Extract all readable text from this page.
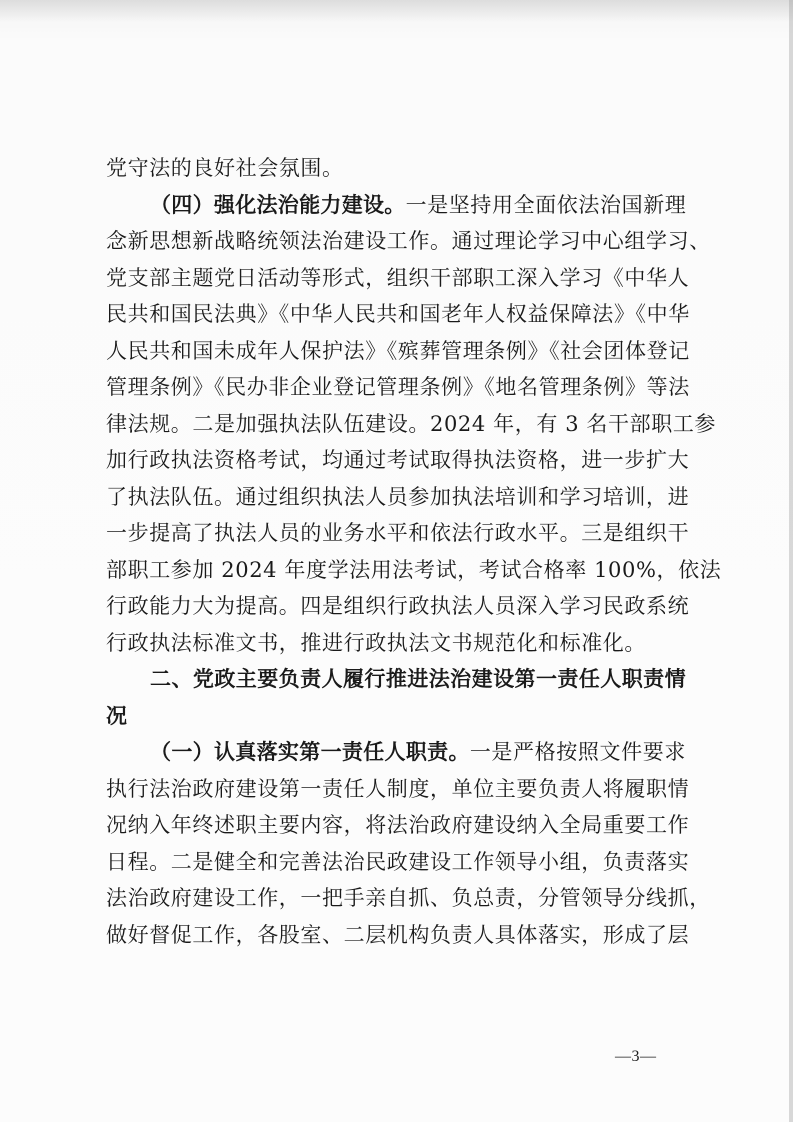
党守法的良好社会氛围。
（四）强化法治能力建设。一是坚持用全面依法治国新理
念新思想新战略统领法治建设工作。通过理论学习中心组学习、
党支部主题党日活动等形式，组织干部职工深入学习《中华人
民共和国民法典》《中华人民共和国老年人权益保障法》《中华
人民共和国未成年人保护法》《殡葬管理条例》《社会团体登记
管理条例》《民办非企业登记管理条例》《地名管理条例》等法
律法规。二是加强执法队伍建设。2024 年，有 3 名干部职工参
加行政执法资格考试，均通过考试取得执法资格，进一步扩大
了执法队伍。通过组织执法人员参加执法培训和学习培训，进
一步提高了执法人员的业务水平和依法行政水平。三是组织干
部职工参加 2024 年度学法用法考试，考试合格率 100%，依法
行政能力大为提高。四是组织行政执法人员深入学习民政系统
行政执法标准文书，推进行政执法文书规范化和标准化。
二、党政主要负责人履行推进法治建设第一责任人职责情
况
（一）认真落实第一责任人职责。一是严格按照文件要求
执行法治政府建设第一责任人制度，单位主要负责人将履职情
况纳入年终述职主要内容，将法治政府建设纳入全局重要工作
日程。二是健全和完善法治民政建设工作领导小组，负责落实
法治政府建设工作，一把手亲自抓、负总责，分管领导分线抓，
做好督促工作，各股室、二层机构负责人具体落实，形成了层
—3—
